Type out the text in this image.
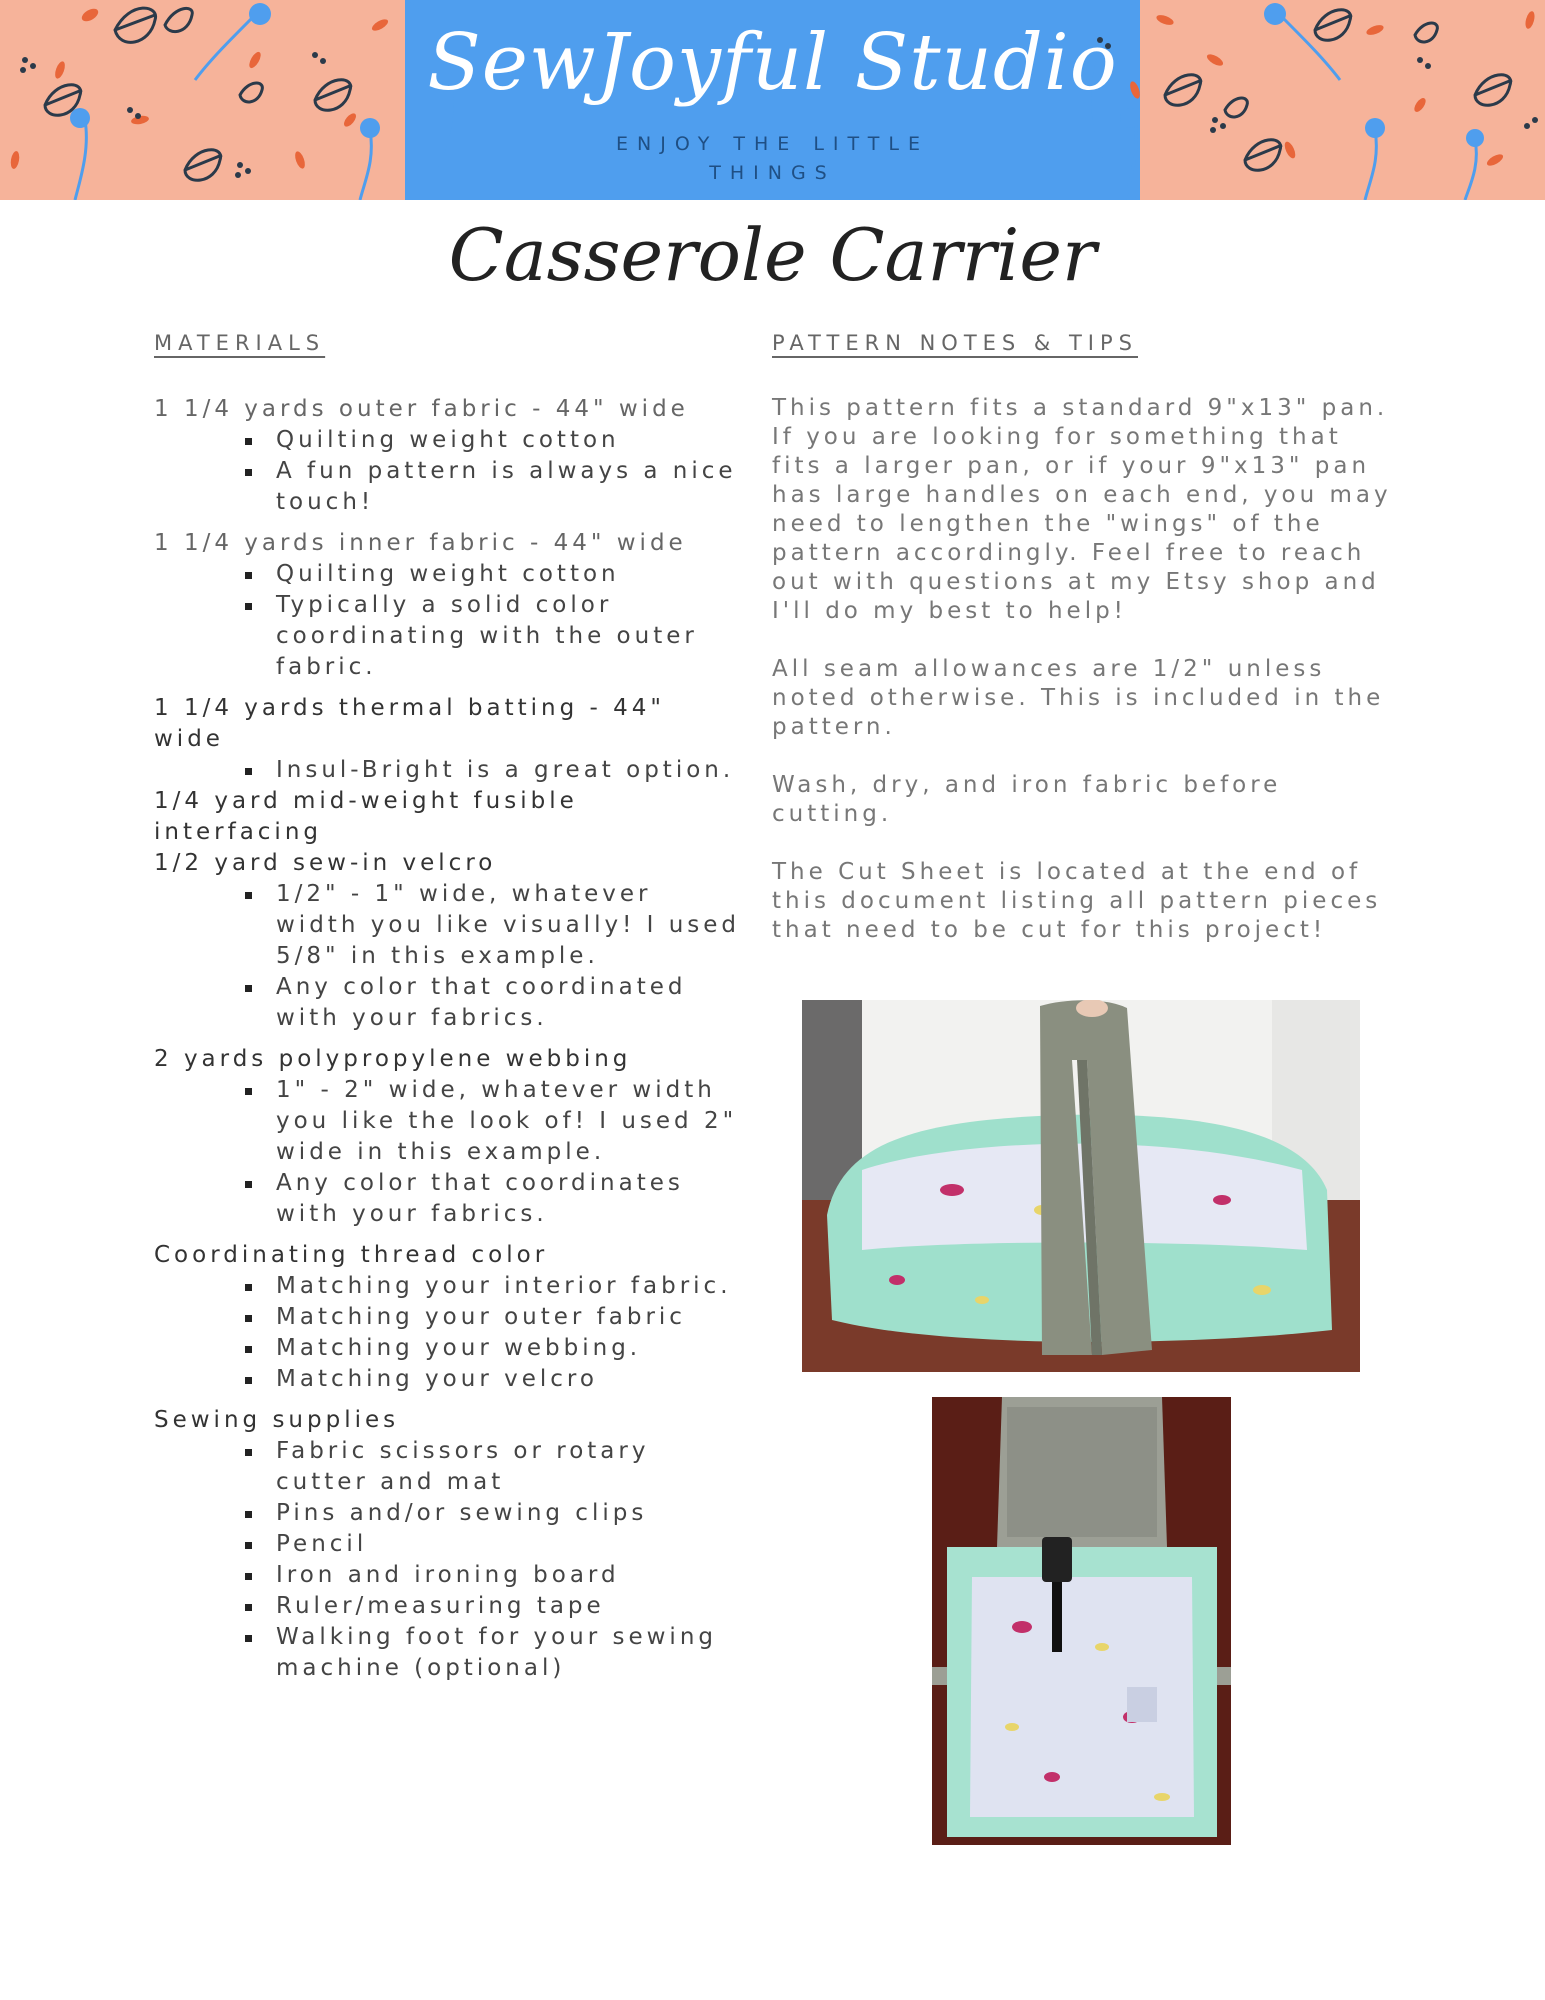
SewJoyful Studio
ENJOY THE LITTLE THINGS
Casserole Carrier
MATERIALS
1 1/4 yards outer fabric - 44" wide
Quilting weight cotton
A fun pattern is always a nice touch!
1 1/4 yards inner fabric - 44" wide
Quilting weight cotton
Typically a solid color coordinating with the outer fabric.
1 1/4 yards thermal batting - 44" wide
Insul-Bright is a great option.
1/4 yard mid-weight fusible interfacing
1/2 yard sew-in velcro
1/2" - 1" wide, whatever width you like visually! I used 5/8" in this example.
Any color that coordinated with your fabrics.
2 yards polypropylene webbing
1" - 2" wide, whatever width you like the look of! I used 2" wide in this example.
Any color that coordinates with your fabrics.
Coordinating thread color
Matching your interior fabric.
Matching your outer fabric
Matching your webbing.
Matching your velcro
Sewing supplies
Fabric scissors or rotary cutter and mat
Pins and/or sewing clips
Pencil
Iron and ironing board
Ruler/measuring tape
Walking foot for your sewing machine (optional)
PATTERN NOTES & TIPS

This pattern fits a standard 9"x13" pan. If you are looking for something that fits a larger pan, or if your 9"x13" pan has large handles on each end, you may need to lengthen the "wings" of the pattern accordingly. Feel free to reach out with questions at my Etsy shop and I'll do my best to help!

All seam allowances are 1/2" unless noted otherwise. This is included in the pattern.

Wash, dry, and iron fabric before cutting.

The Cut Sheet is located at the end of this document listing all pattern pieces that need to be cut for this project!
